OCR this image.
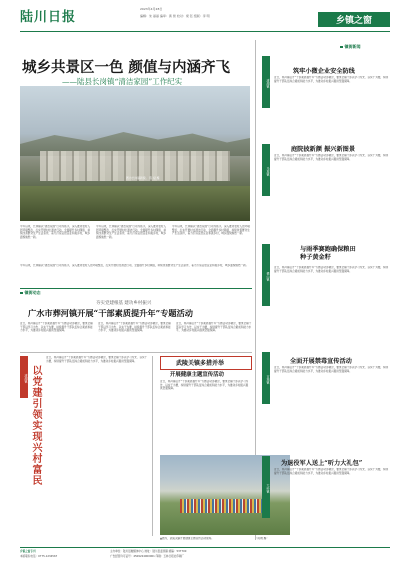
陆川日报
2023年4月28日
编辑：朱 丽丽 编审：黄 智 校对：梁 钰 组版：李 明	乡镇之窗
镇街新闻
城乡共景区一色 颜值与内涵齐飞
——陆县长岗镇“清洁家园”工作纪实
图为长岗镇新貌。 陈 斌 摄
今年以来，长岗镇以“清洁家园”行动为抓手，深入推进农村人居环境整治，扎实开展村庄清洁行动，全面提升乡村颜值，持续改善群众生产生活条件，着力打造宜居宜业和美乡村，城乡面貌焕然一新。
今年以来，长岗镇以“清洁家园”行动为抓手，深入推进农村人居环境整治，扎实开展村庄清洁行动，全面提升乡村颜值，持续改善群众生产生活条件，着力打造宜居宜业和美乡村，城乡面貌焕然一新。
今年以来，长岗镇以“清洁家园”行动为抓手，深入推进农村人居环境整治，扎实开展村庄清洁行动，全面提升乡村颜值，持续改善群众生产生活条件，着力打造宜居宜业和美乡村，城乡面貌焕然一新。
今年以来，长岗镇以“清洁家园”行动为抓手，深入推进农村人居环境整治，扎实开展村庄清洁行动，全面提升乡村颜值，持续改善群众生产生活条件，着力打造宜居宜业和美乡村，城乡面貌焕然一新。
镇街动态
夯实党建根基 建功乡村振兴
广水市葬河镇开展“干部素质提升年”专题活动
近日，葬河镇召开“干部素质提升年”专题活动部署会，要求全镇干部以学习为先、以实干为要，持续提升干部队伍综合素质和能力水平，为推动乡村振兴提供坚强保障。
近日，葬河镇召开“干部素质提升年”专题活动部署会，要求全镇干部以学习为先、以实干为要，持续提升干部队伍综合素质和能力水平，为推动乡村振兴提供坚强保障。
近日，葬河镇召开“干部素质提升年”专题活动部署会，要求全镇干部以学习为先、以实干为要，持续提升干部队伍综合素质和能力水平，为推动乡村振兴提供坚强保障。
清湖镇 以党建引领实现兴村富民
近日，葬河镇召开“干部素质提升年”专题活动部署会，要求全镇干部以学习为先、以实干为要，持续提升干部队伍综合素质和能力水平，为推动乡村振兴提供坚强保障。	武陵关镇多措并举
开展健康主题宣传活动
近日，葬河镇召开“干部素质提升年”专题活动部署会，要求全镇干部以学习为先、以实干为要，持续提升干部队伍综合素质和能力水平，为推动乡村振兴提供坚强保障。
▲图为，武陵关镇开展健康主题宣传活动现场。	（陈晓 摄）
清湖镇
筑牢小微企业安全防线
近日，葬河镇召开“干部素质提升年”专题活动部署会，要求全镇干部以学习为先、以实干为要，持续提升干部队伍综合素质和能力水平，为推动乡村振兴提供坚强保障。
马坡镇
庭院披新颜 振兴新图景
近日，葬河镇召开“干部素质提升年”专题活动部署会，要求全镇干部以学习为先、以实干为要，持续提升干部队伍综合素质和能力水平，为推动乡村振兴提供坚强保障。
横山镇
与雨季赛跑确保粮田种子黄金籽
近日，葬河镇召开“干部素质提升年”专题活动部署会，要求全镇干部以学习为先、以实干为要，持续提升干部队伍综合素质和能力水平，为推动乡村振兴提供坚强保障。
古城镇
全面开展禁毒宣传活动
近日，葬河镇召开“干部素质提升年”专题活动部署会，要求全镇干部以学习为先、以实干为要，持续提升干部队伍综合素质和能力水平，为推动乡村振兴提供坚强保障。
大岭镇
为退役军人送上“听力大礼包”
近日，葬河镇召开“干部素质提升年”专题活动部署会，要求全镇干部以学习为先、以实干为要，持续提升干部队伍综合素质和能力水平，为推动乡村振兴提供坚强保障。
乡镇之窗专刊
本版联系电话：0775-1234567
主办单位：陆川县融媒体中心 地址：陆川县温泉镇 邮编：537700
广告经营许可证号：4509224000001 印刷：玉林日报社印刷厂
